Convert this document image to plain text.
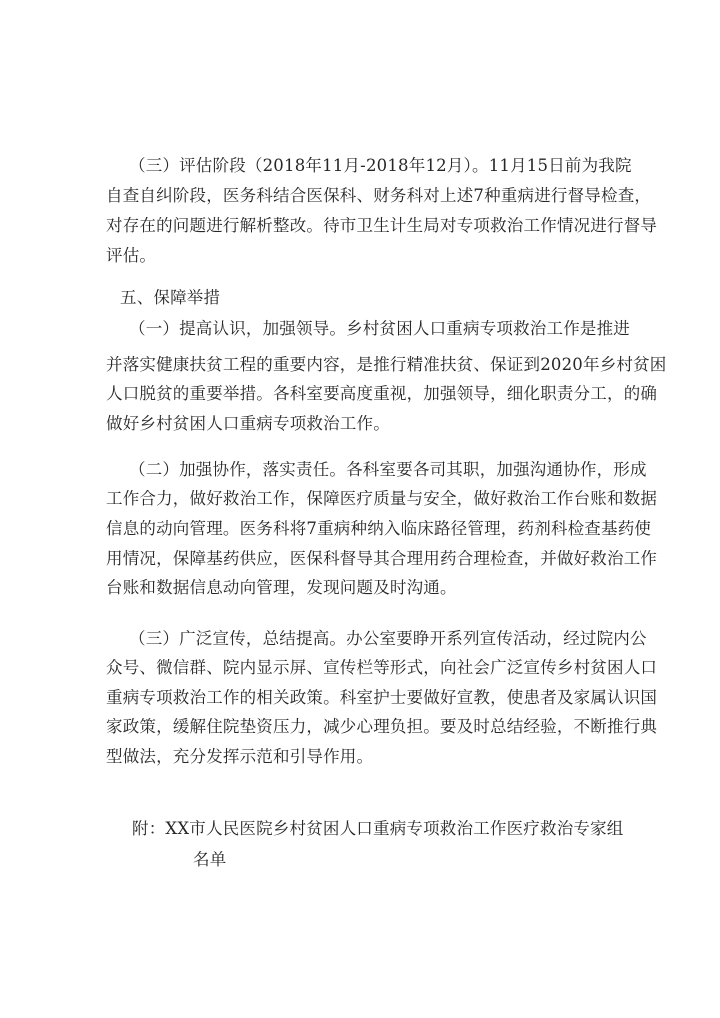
（三）评估阶段（2018年11月-2018年12月）。11月15日前为我院
自查自纠阶段，医务科结合医保科、财务科对上述7种重病进行督导检查，
对存在的问题进行解析整改。待市卫生计生局对专项救治工作情况进行督导
评估。
五、保障举措
（一）提高认识，加强领导。乡村贫困人口重病专项救治工作是推进
并落实健康扶贫工程的重要内容，是推行精准扶贫、保证到2020年乡村贫困
人口脱贫的重要举措。各科室要高度重视，加强领导，细化职责分工，的确
做好乡村贫困人口重病专项救治工作。
（二）加强协作，落实责任。各科室要各司其职，加强沟通协作，形成
工作合力，做好救治工作，保障医疗质量与安全，做好救治工作台账和数据
信息的动向管理。医务科将7重病种纳入临床路径管理，药剂科检查基药使
用情况，保障基药供应，医保科督导其合理用药合理检查，并做好救治工作
台账和数据信息动向管理，发现问题及时沟通。
（三）广泛宣传，总结提高。办公室要睁开系列宣传活动，经过院内公
众号、微信群、院内显示屏、宣传栏等形式，向社会广泛宣传乡村贫困人口
重病专项救治工作的相关政策。科室护士要做好宣教，使患者及家属认识国
家政策，缓解住院垫资压力，减少心理负担。要及时总结经验，不断推行典
型做法，充分发挥示范和引导作用。
附：XX市人民医院乡村贫困人口重病专项救治工作医疗救治专家组
名单
